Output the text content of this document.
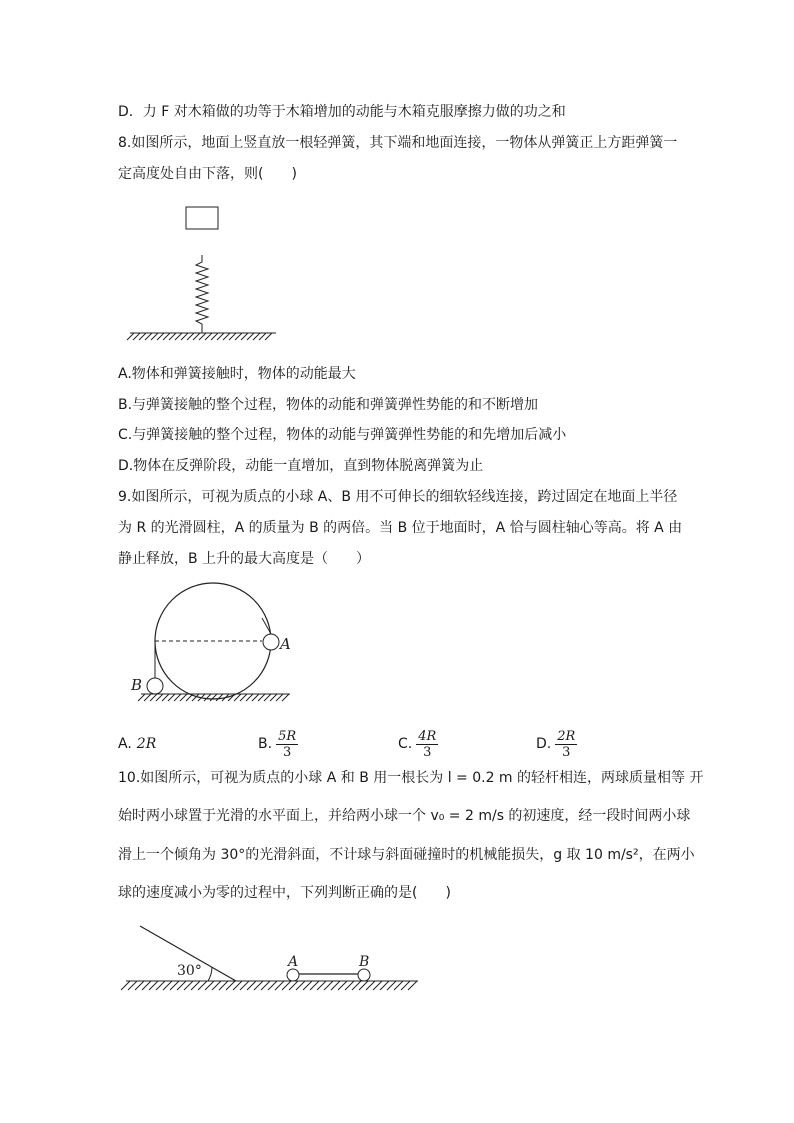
D．力 F 对木箱做的功等于木箱增加的动能与木箱克服摩擦力做的功之和
8.如图所示，地面上竖直放一根轻弹簧，其下端和地面连接，一物体从弹簧正上方距弹簧一
定高度处自由下落，则(　　)
A.物体和弹簧接触时，物体的动能最大
B.与弹簧接触的整个过程，物体的动能和弹簧弹性势能的和不断增加
C.与弹簧接触的整个过程，物体的动能与弹簧弹性势能的和先增加后减小
D.物体在反弹阶段，动能一直增加，直到物体脱离弹簧为止
9.如图所示，可视为质点的小球 A、B 用不可伸长的细软轻线连接，跨过固定在地面上半径
为 R 的光滑圆柱，A 的质量为 B 的两倍。当 B 位于地面时，A 恰与圆柱轴心等高。将 A 由
静止释放，B 上升的最大高度是（　　）
A
B
A. 2R	B. $\frac{5R}{3}$	C. $\frac{4R}{3}$	D. $\frac{2R}{3}$
10.如图所示，可视为质点的小球 A 和 B 用一根长为 l = 0.2 m 的轻杆相连，两球质量相等 开
始时两小球置于光滑的水平面上，并给两小球一个 v₀ = 2 m/s 的初速度，经一段时间两小球
滑上一个倾角为 30°的光滑斜面，不计球与斜面碰撞时的机械能损失，g 取 10 m/s²，在两小
球的速度减小为零的过程中，下列判断正确的是(　　)
30°
A	B
